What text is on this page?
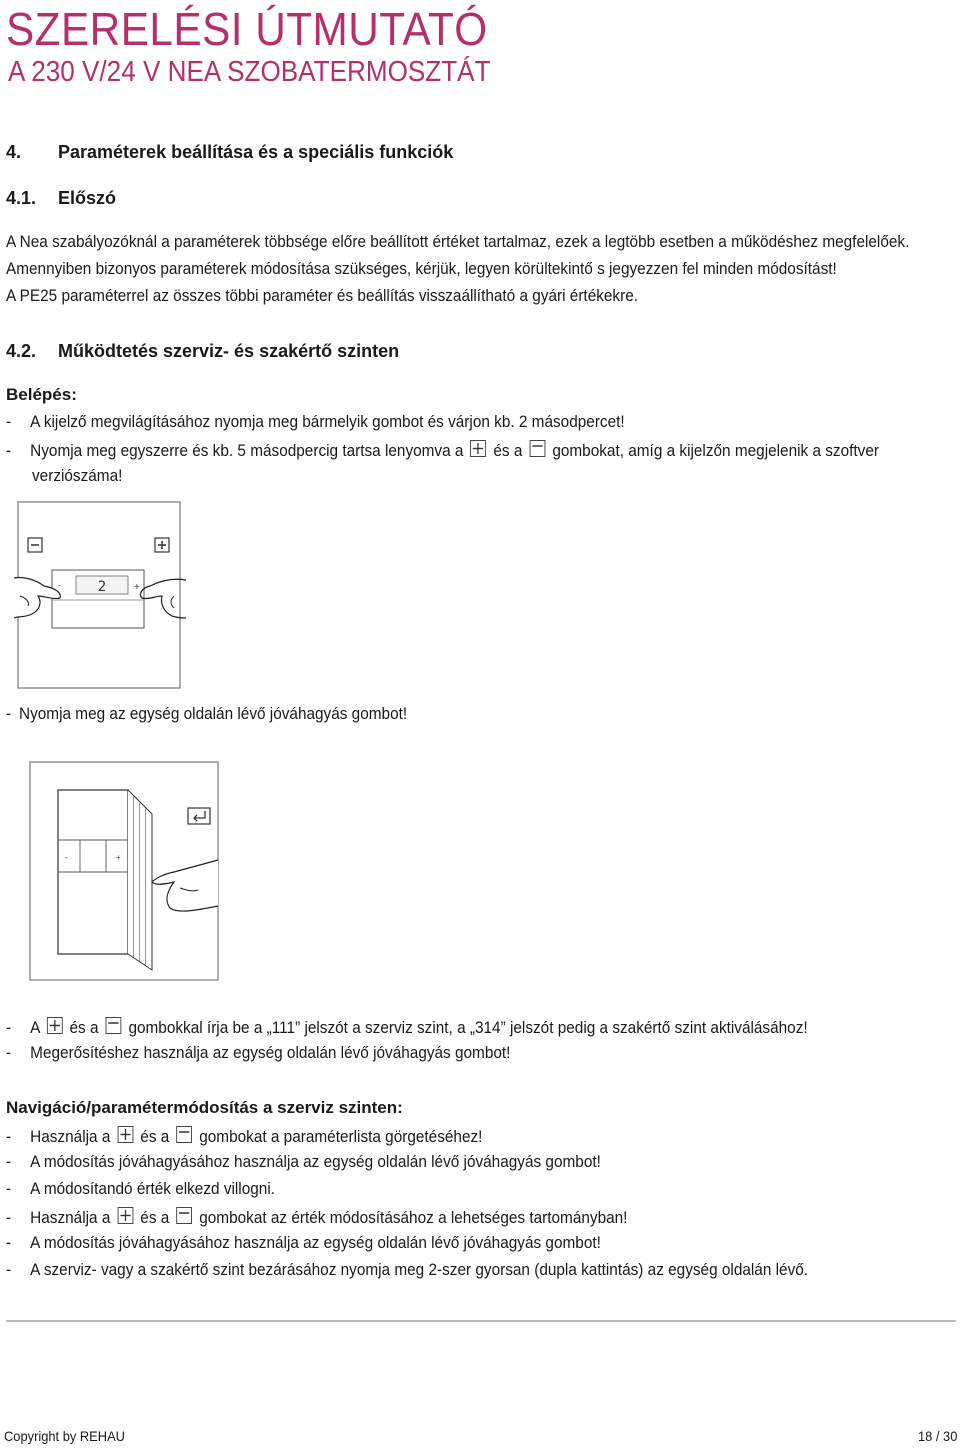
SZERELÉSI ÚTMUTATÓ
A 230 V/24 V NEA SZOBATERMOSZTÁT
4. Paraméterek beállítása és a speciális funkciók
4.1. Előszó
A Nea szabályozóknál a paraméterek többsége előre beállított értéket tartalmaz, ezek a legtöbb esetben a működéshez megfelelőek.
Amennyiben bizonyos paraméterek módosítása szükséges, kérjük, legyen körültekintő s jegyezzen fel minden módosítást!
A PE25 paraméterrel az összes többi paraméter és beállítás visszaállítható a gyári értékekre.
4.2. Működtetés szerviz- és szakértő szinten
Belépés:
- A kijelző megvilágításához nyomja meg bármelyik gombot és várjon kb. 2 másodpercet!
- Nyomja meg egyszerre és kb. 5 másodpercig tartsa lenyomva a és a gombokat, amíg a kijelzőn megjelenik a szoftver
verziószáma!
2
-	+
- Nyomja meg az egység oldalán lévő jóváhagyás gombot!
-	+
- A és a gombokkal írja be a „111” jelszót a szerviz szint, a „314” jelszót pedig a szakértő szint aktiválásához!
- Megerősítéshez használja az egység oldalán lévő jóváhagyás gombot!
Navigáció/paramétermódosítás a szerviz szinten:
- Használja a és a gombokat a paraméterlista görgetéséhez!
- A módosítás jóváhagyásához használja az egység oldalán lévő jóváhagyás gombot!
- A módosítandó érték elkezd villogni.
- Használja a és a gombokat az érték módosításához a lehetséges tartományban!
- A módosítás jóváhagyásához használja az egység oldalán lévő jóváhagyás gombot!
- A szerviz- vagy a szakértő szint bezárásához nyomja meg 2-szer gyorsan (dupla kattintás) az egység oldalán lévő.
Copyright by REHAU	18 / 30
